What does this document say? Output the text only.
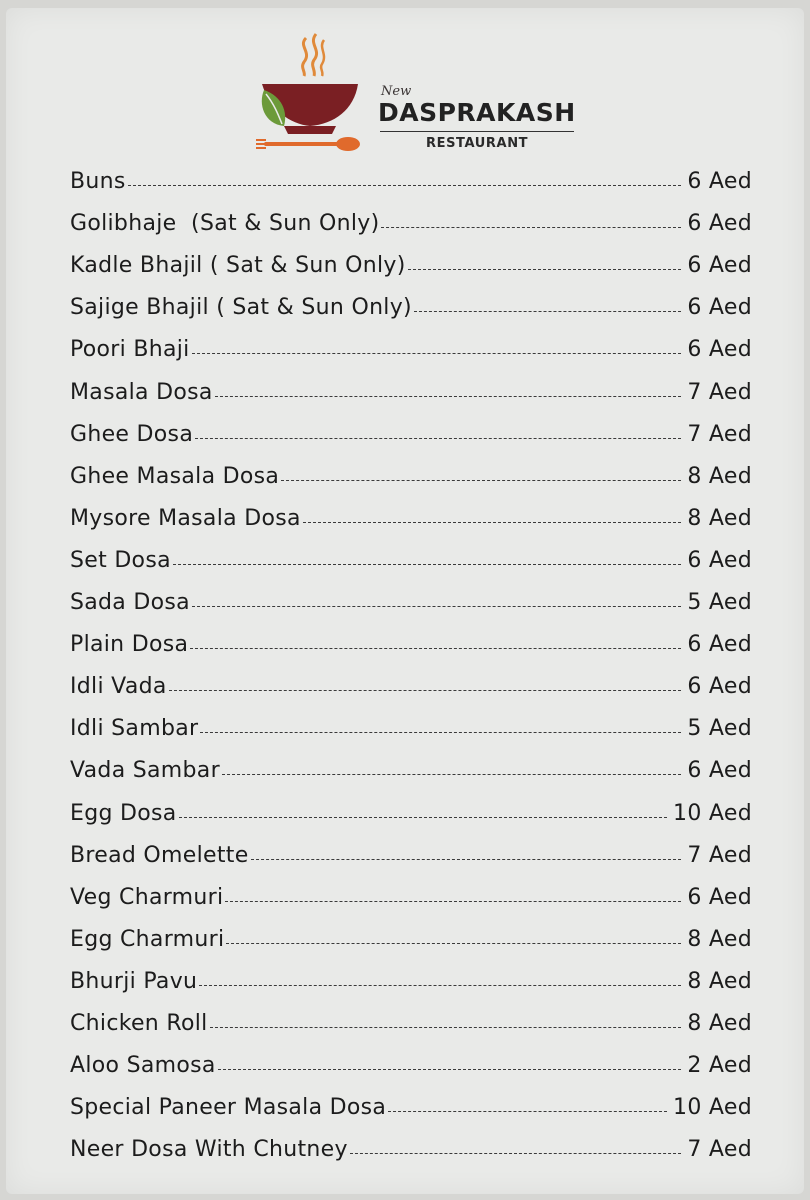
New
DASPRAKASH
RESTAURANT
Buns	6 Aed
Golibhaje  (Sat & Sun Only)	6 Aed
Kadle Bhajil ( Sat & Sun Only)	6 Aed
Sajige Bhajil ( Sat & Sun Only)	6 Aed
Poori Bhaji	6 Aed
Masala Dosa	7 Aed
Ghee Dosa	7 Aed
Ghee Masala Dosa	8 Aed
Mysore Masala Dosa	8 Aed
Set Dosa	6 Aed
Sada Dosa	5 Aed
Plain Dosa	6 Aed
Idli Vada	6 Aed
Idli Sambar	5 Aed
Vada Sambar	6 Aed
Egg Dosa	10 Aed
Bread Omelette	7 Aed
Veg Charmuri	6 Aed
Egg Charmuri	8 Aed
Bhurji Pavu	8 Aed
Chicken Roll	8 Aed
Aloo Samosa	2 Aed
Special Paneer Masala Dosa	10 Aed
Neer Dosa With Chutney	7 Aed
